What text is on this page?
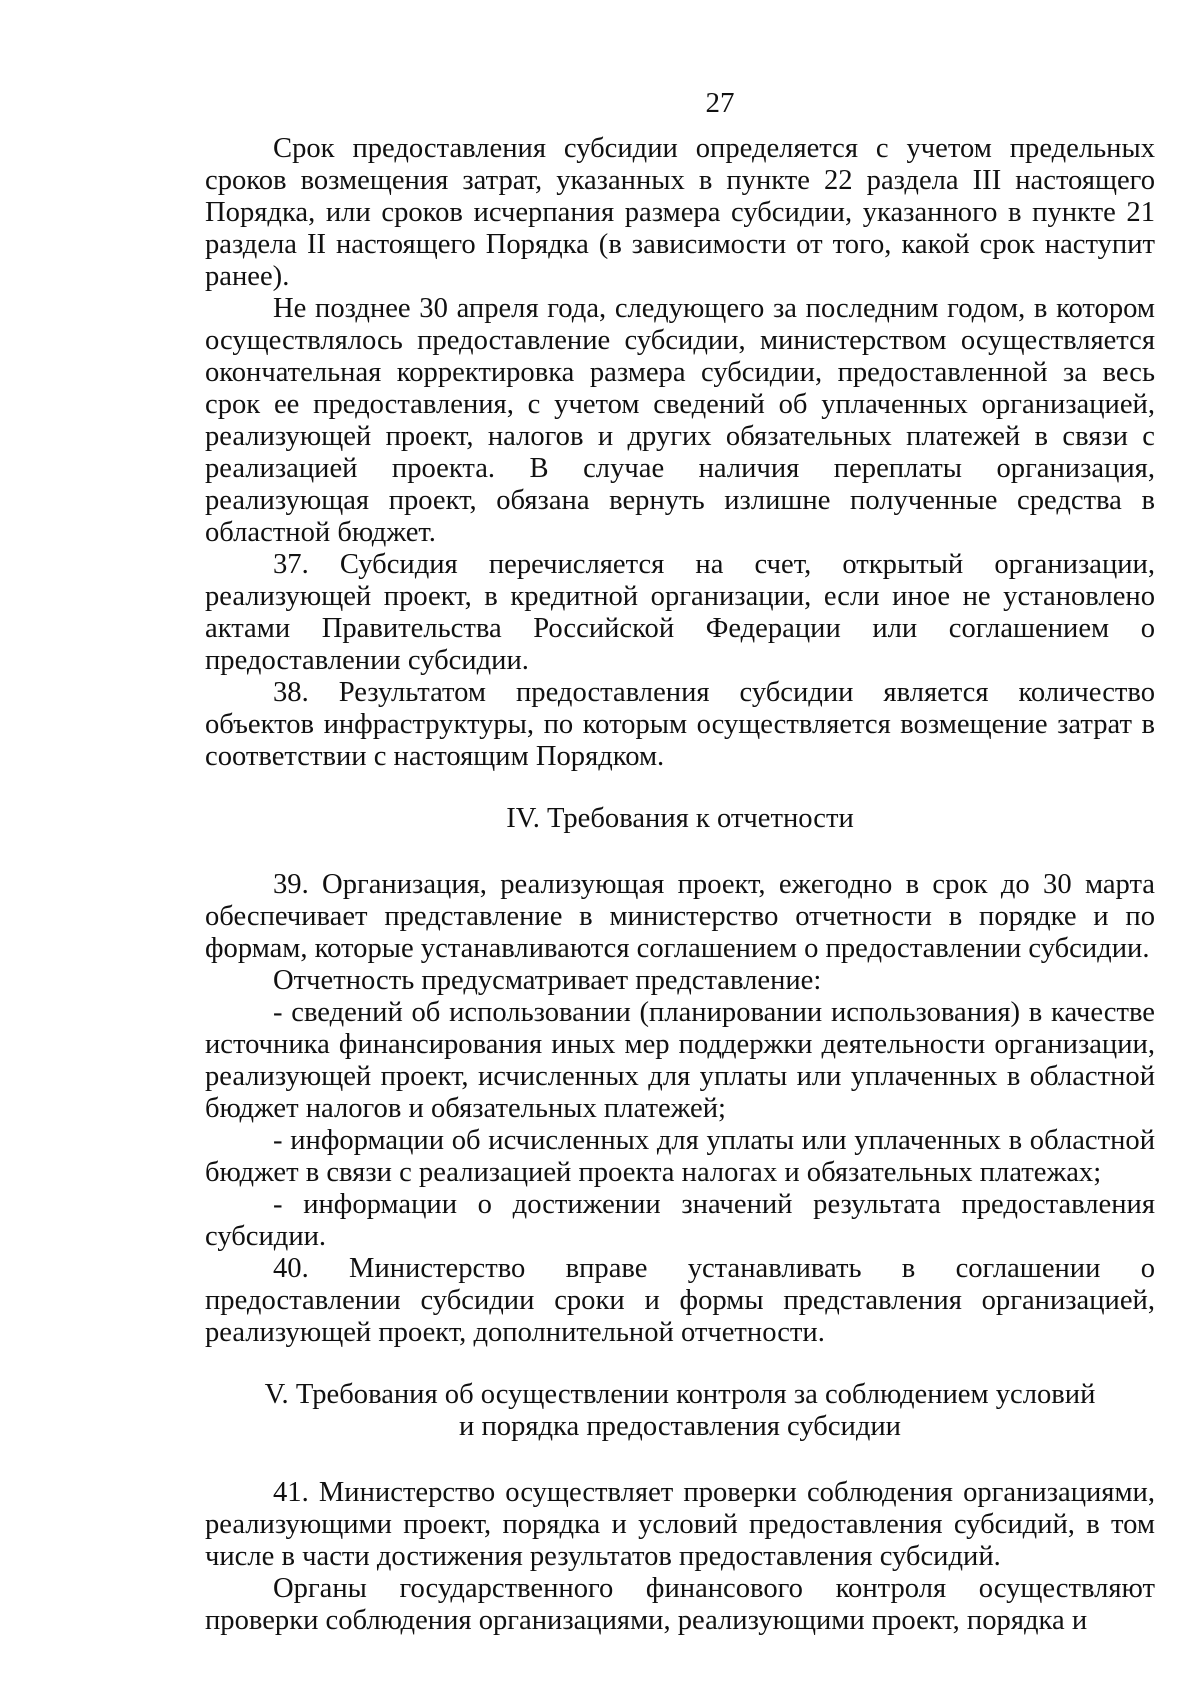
27

Срок предоставления субсидии определяется с учетом предельных сроков возмещения затрат, указанных в пункте 22 раздела III настоящего Порядка, или сроков исчерпания размера субсидии, указанного в пункте 21 раздела II настоящего Порядка (в зависимости от того, какой срок наступит ранее).

Не позднее 30 апреля года, следующего за последним годом, в котором осуществлялось предоставление субсидии, министерством осуществляется окончательная корректировка размера субсидии, предоставленной за весь срок ее предоставления, с учетом сведений об уплаченных организацией, реализующей проект, налогов и других обязательных платежей в связи с реализацией проекта. В случае наличия переплаты организация, реализующая проект, обязана вернуть излишне полученные средства в областной бюджет.

37. Субсидия перечисляется на счет, открытый организации, реализующей проект, в кредитной организации, если иное не установлено актами Правительства Российской Федерации или соглашением о предоставлении субсидии.

38. Результатом предоставления субсидии является количество объектов инфраструктуры, по которым осуществляется возмещение затрат в соответствии с настоящим Порядком.

IV. Требования к отчетности

39. Организация, реализующая проект, ежегодно в срок до 30 марта обеспечивает представление в министерство отчетности в порядке и по формам, которые устанавливаются соглашением о предоставлении субсидии.

Отчетность предусматривает представление:

- сведений об использовании (планировании использования) в качестве источника финансирования иных мер поддержки деятельности организации, реализующей проект, исчисленных для уплаты или уплаченных в областной бюджет налогов и обязательных платежей;

- информации об исчисленных для уплаты или уплаченных в областной бюджет в связи с реализацией проекта налогах и обязательных платежах;

- информации о достижении значений результата предоставления субсидии.

40. Министерство вправе устанавливать в соглашении о предоставлении субсидии сроки и формы представления организацией, реализующей проект, дополнительной отчетности.

V. Требования об осуществлении контроля за соблюдением условий
и порядка предоставления субсидии

41. Министерство осуществляет проверки соблюдения организациями, реализующими проект, порядка и условий предоставления субсидий, в том числе в части достижения результатов предоставления субсидий.

Органы государственного финансового контроля осуществляют проверки соблюдения организациями, реализующими проект, порядка и
